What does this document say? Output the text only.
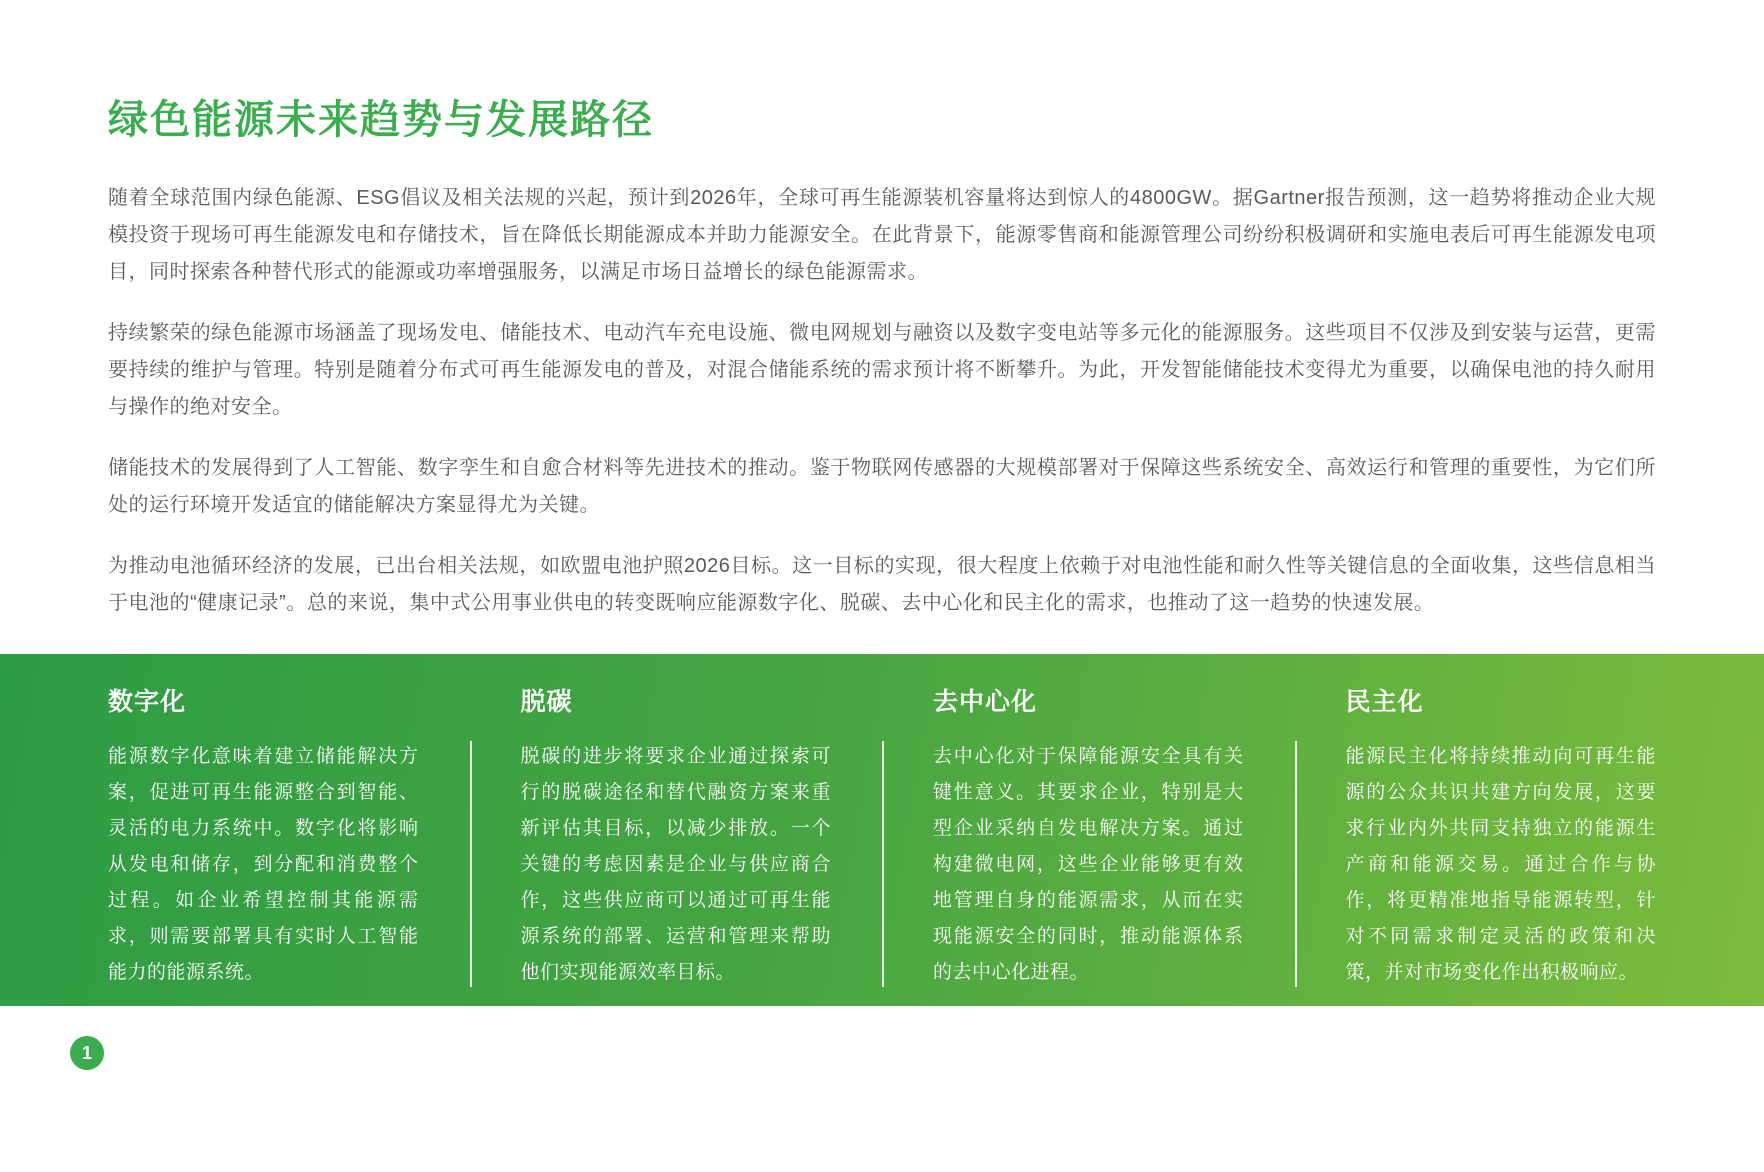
绿色能源未来趋势与发展路径

随着全球范围内绿色能源、ESG倡议及相关法规的兴起，预计到2026年，全球可再生能源装机容量将达到惊人的4800GW。据Gartner报告预测，这一趋势将推动企业大规模投资于现场可再生能源发电和存储技术，旨在降低长期能源成本并助力能源安全。在此背景下，能源零售商和能源管理公司纷纷积极调研和实施电表后可再生能源发电项目，同时探索各种替代形式的能源或功率增强服务，以满足市场日益增长的绿色能源需求。

持续繁荣的绿色能源市场涵盖了现场发电、储能技术、电动汽车充电设施、微电网规划与融资以及数字变电站等多元化的能源服务。这些项目不仅涉及到安装与运营，更需要持续的维护与管理。特别是随着分布式可再生能源发电的普及，对混合储能系统的需求预计将不断攀升。为此，开发智能储能技术变得尤为重要，以确保电池的持久耐用与操作的绝对安全。

储能技术的发展得到了人工智能、数字孪生和自愈合材料等先进技术的推动。鉴于物联网传感器的大规模部署对于保障这些系统安全、高效运行和管理的重要性，为它们所处的运行环境开发适宜的储能解决方案显得尤为关键。

为推动电池循环经济的发展，已出台相关法规，如欧盟电池护照2026目标。这一目标的实现，很大程度上依赖于对电池性能和耐久性等关键信息的全面收集，这些信息相当于电池的“健康记录”。总的来说，集中式公用事业供电的转变既响应能源数字化、脱碳、去中心化和民主化的需求，也推动了这一趋势的快速发展。

数字化

能源数字化意味着建立储能解决方案，促进可再生能源整合到智能、灵活的电力系统中。数字化将影响从发电和储存，到分配和消费整个过程。如企业希望控制其能源需求，则需要部署具有实时人工智能能力的能源系统。

脱碳

脱碳的进步将要求企业通过探索可行的脱碳途径和替代融资方案来重新评估其目标，以减少排放。一个关键的考虑因素是企业与供应商合作，这些供应商可以通过可再生能源系统的部署、运营和管理来帮助他们实现能源效率目标。

去中心化

去中心化对于保障能源安全具有关键性意义。其要求企业，特别是大型企业采纳自发电解决方案。通过构建微电网，这些企业能够更有效地管理自身的能源需求，从而在实现能源安全的同时，推动能源体系的去中心化进程。

民主化

能源民主化将持续推动向可再生能源的公众共识共建方向发展，这要求行业内外共同支持独立的能源生产商和能源交易。通过合作与协作，将更精准地指导能源转型，针对不同需求制定灵活的政策和决策，并对市场变化作出积极响应。

1
